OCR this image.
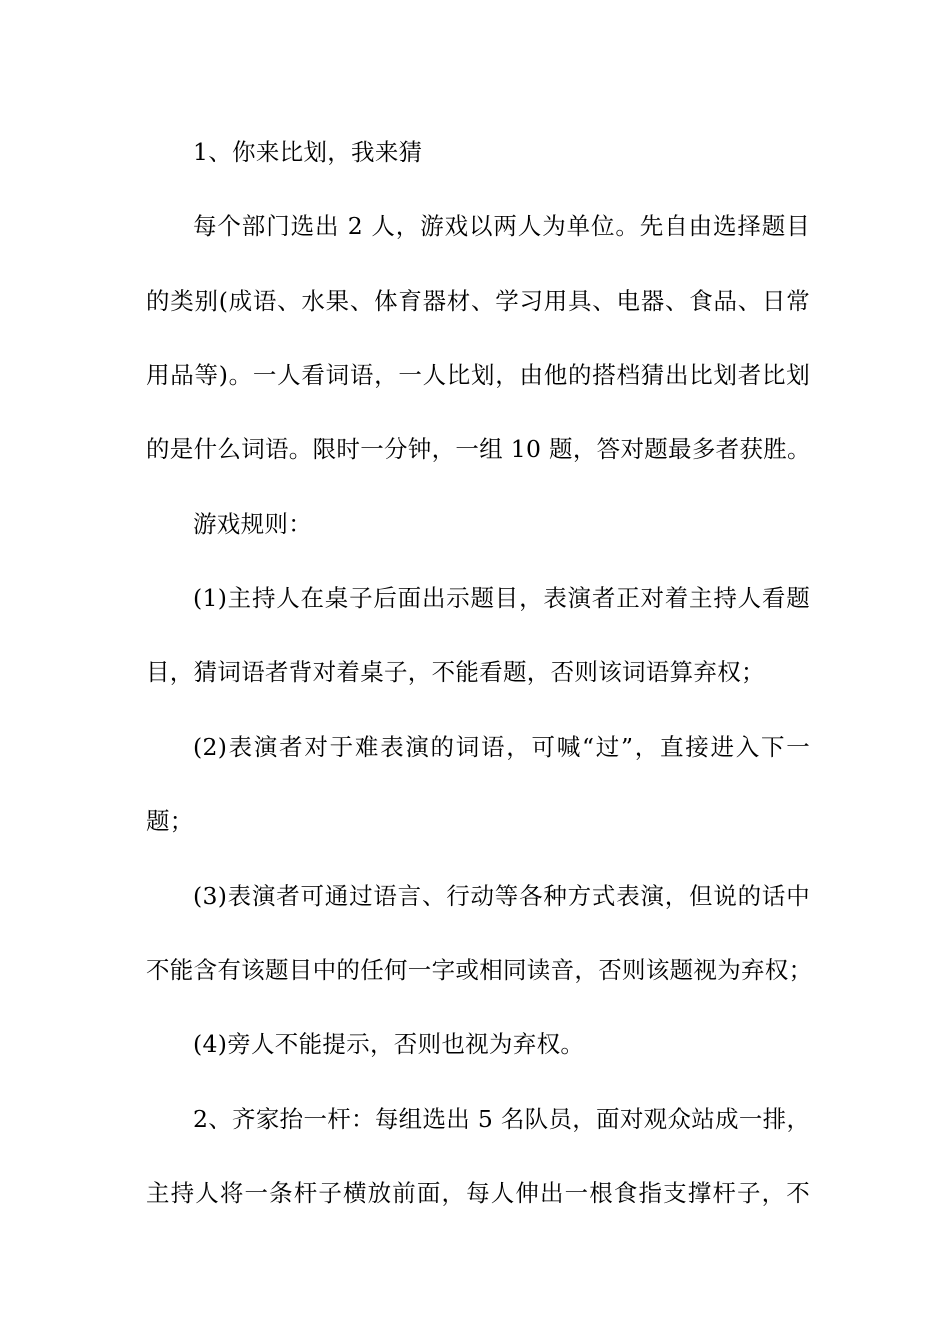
1、你来比划，我来猜
每个部门选出 2 人，游戏以两人为单位。先自由选择题目
的类别(成语、水果、体育器材、学习用具、电器、食品、日常
用品等)。一人看词语，一人比划，由他的搭档猜出比划者比划
的是什么词语。限时一分钟，一组 10 题，答对题最多者获胜。
游戏规则：
(1)主持人在桌子后面出示题目，表演者正对着主持人看题
目，猜词语者背对着桌子，不能看题，否则该词语算弃权；
(2)表演者对于难表演的词语，可喊“过”，直接进入下一
题；
(3)表演者可通过语言、行动等各种方式表演，但说的话中
不能含有该题目中的任何一字或相同读音，否则该题视为弃权；
(4)旁人不能提示，否则也视为弃权。
2、齐家抬一杆：每组选出 5 名队员，面对观众站成一排，
主持人将一条杆子横放前面，每人伸出一根食指支撑杆子，不
